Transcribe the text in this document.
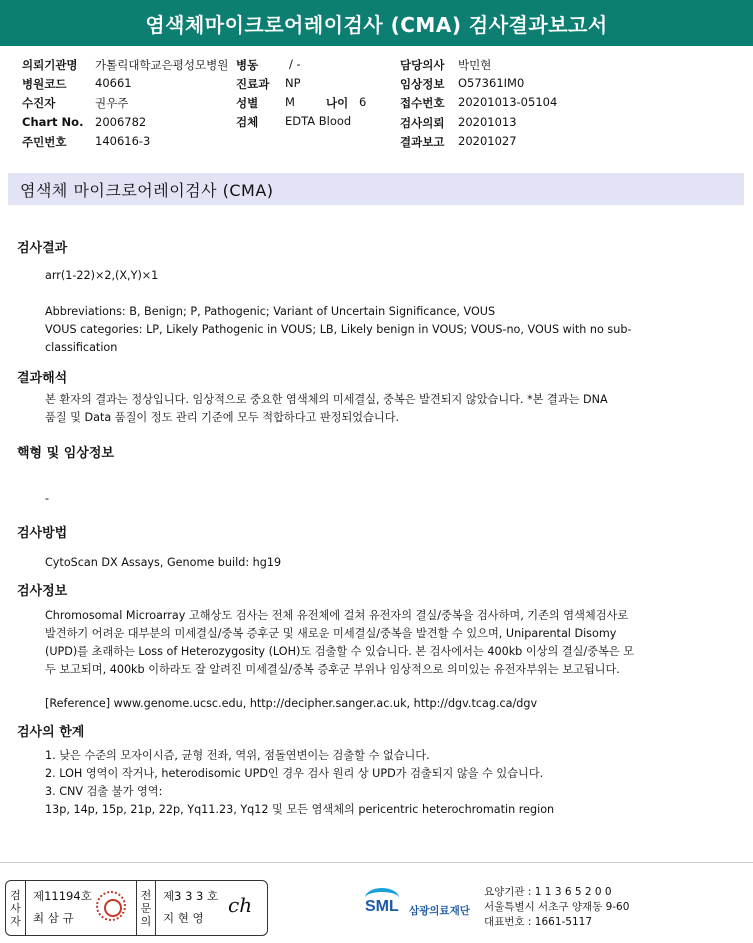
염색체마이크로어레이검사 (CMA) 검사결과보고서
의뢰기관명 가톨릭대학교은평성모병원 병동	/ -	담당의사 박민현
병원코드 40661	진료과 NP	임상정보 O57361IM0
수진자	권우주	성별 M	나이 6	접수번호 20201013-05104
Chart No. 2006782	검체 EDTA Blood	검사의뢰 20201013
주민번호 140616-3	결과보고 20201027
염색체 마이크로어레이검사 (CMA)
검사결과
arr(1-22)×2,(X,Y)×1
Abbreviations: B, Benign; P, Pathogenic; Variant of Uncertain Significance, VOUS
VOUS categories: LP, Likely Pathogenic in VOUS; LB, Likely benign in VOUS; VOUS-no, VOUS with no sub-
classification
결과해석
본 환자의 결과는 정상입니다. 임상적으로 중요한 염색체의 미세결실, 중복은 발견되지 않았습니다. *본 결과는 DNA
품질 및 Data 품질이 정도 관리 기준에 모두 적합하다고 판정되었습니다.
핵형 및 임상정보
-
검사방법
CytoScan DX Assays, Genome build: hg19
검사정보
Chromosomal Microarray 고해상도 검사는 전체 유전체에 걸쳐 유전자의 결실/중복을 검사하며, 기존의 염색체검사로
발견하기 어려운 대부분의 미세결실/중복 증후군 및 새로운 미세결실/중복을 발견할 수 있으며, Uniparental Disomy
(UPD)를 초래하는 Loss of Heterozygosity (LOH)도 검출할 수 있습니다. 본 검사에서는 400kb 이상의 결실/중복은 모
두 보고되며, 400kb 이하라도 잘 알려진 미세결실/중복 증후군 부위나 임상적으로 의미있는 유전자부위는 보고됩니다.
[Reference] www.genome.ucsc.edu, http://decipher.sanger.ac.uk, http://dgv.tcag.ca/dgv
검사의 한계
1. 낮은 수준의 모자이시즘, 균형 전좌, 역위, 점돌연변이는 검출할 수 없습니다.
2. LOH 영역이 작거나, heterodisomic UPD인 경우 검사 원리 상 UPD가 검출되지 않을 수 있습니다.
3. CNV 검출 불가 영역:
13p, 14p, 15p, 21p, 22p, Yq11.23, Yq12 및 모든 염색체의 pericentric heterochromatin region
검
사
자
제11194호
최 삼 규
전
문
의
제3 3 3 호
지 현 영
ch	SML 삼광의료재단
요양기관 : 1 1 3 6 5 2 0 0
서울특별시 서초구 양재동 9-60
대표번호 : 1661-5117
